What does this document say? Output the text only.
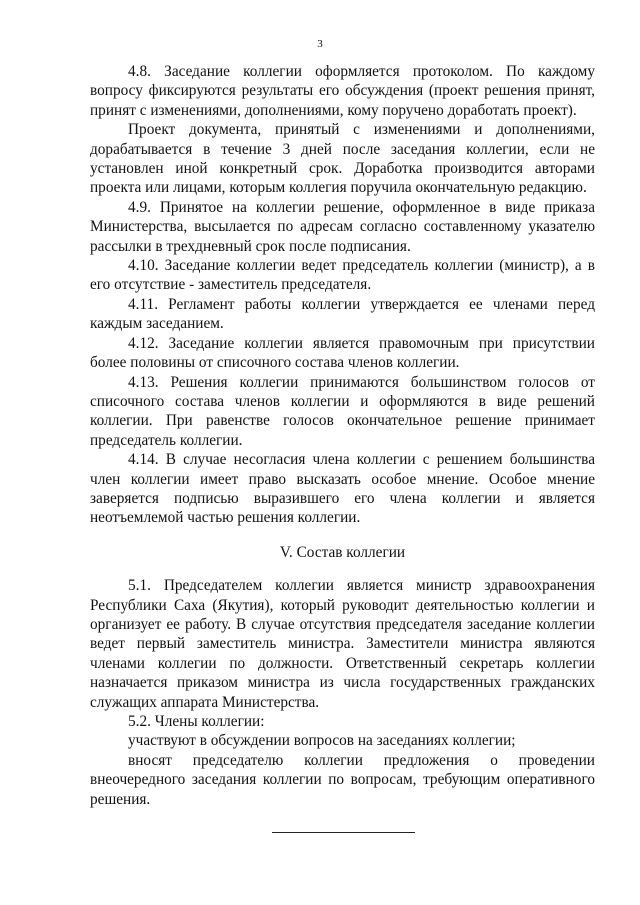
3

4.8. Заседание коллегии оформляется протоколом. По каждому вопросу фиксируются результаты его обсуждения (проект решения принят, принят с изменениями, дополнениями, кому поручено доработать проект).

Проект документа, принятый с изменениями и дополнениями, дорабатывается в течение 3 дней после заседания коллегии, если не установлен иной конкретный срок. Доработка производится авторами проекта или лицами, которым коллегия поручила окончательную редакцию.

4.9. Принятое на коллегии решение, оформленное в виде приказа Министерства, высылается по адресам согласно составленному указателю рассылки в трехдневный срок после подписания.

4.10. Заседание коллегии ведет председатель коллегии (министр), а в его отсутствие - заместитель председателя.

4.11. Регламент работы коллегии утверждается ее членами перед каждым заседанием.

4.12. Заседание коллегии является правомочным при присутствии более половины от списочного состава членов коллегии.

4.13. Решения коллегии принимаются большинством голосов от списочного состава членов коллегии и оформляются в виде решений коллегии. При равенстве голосов окончательное решение принимает председатель коллегии.

4.14. В случае несогласия члена коллегии с решением большинства член коллегии имеет право высказать особое мнение. Особое мнение заверяется подписью выразившего его члена коллегии и является неотъемлемой частью решения коллегии.

V. Состав коллегии

5.1. Председателем коллегии является министр здравоохранения Республики Саха (Якутия), который руководит деятельностью коллегии и организует ее работу. В случае отсутствия председателя заседание коллегии ведет первый заместитель министра. Заместители министра являются членами коллегии по должности. Ответственный секретарь коллегии назначается приказом министра из числа государственных гражданских служащих аппарата Министерства.

5.2. Члены коллегии:

участвуют в обсуждении вопросов на заседаниях коллегии;

вносят председателю коллегии предложения о проведении внеочередного заседания коллегии по вопросам, требующим оперативного решения.
